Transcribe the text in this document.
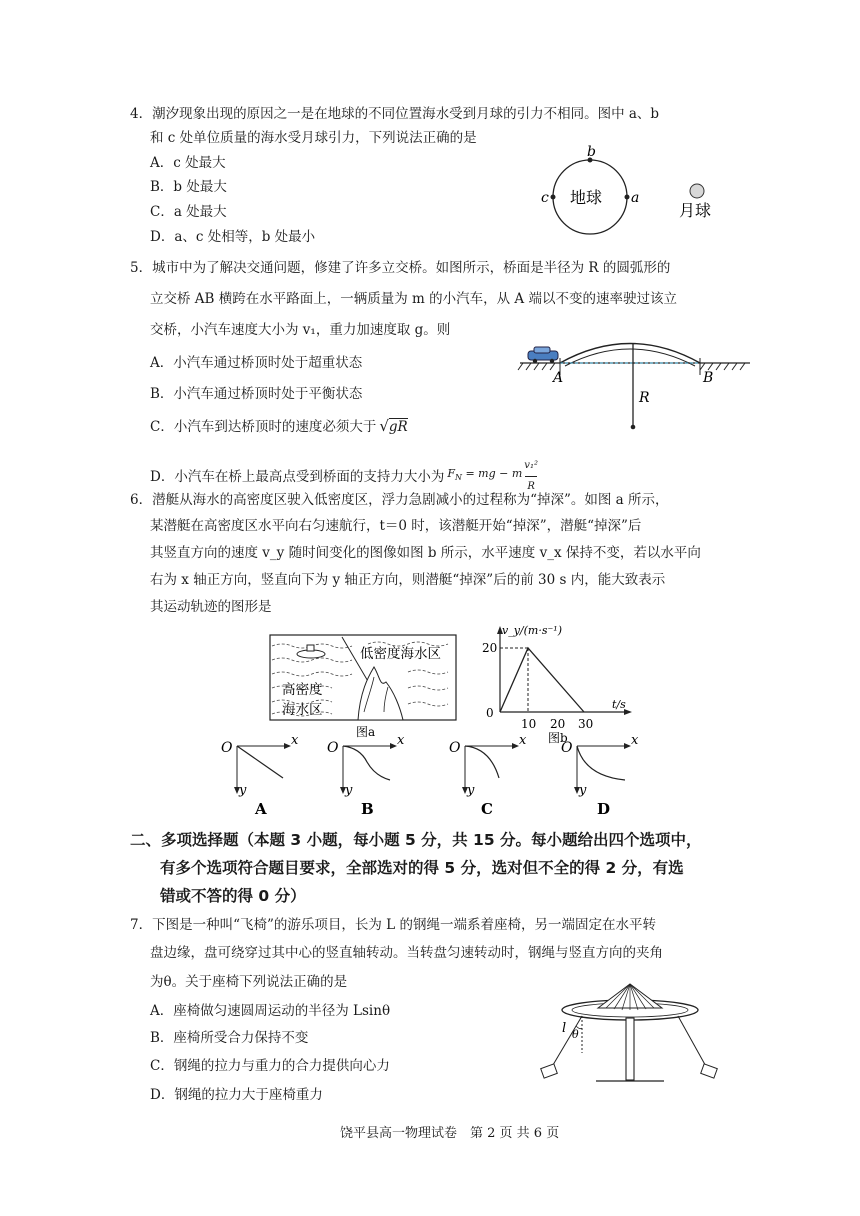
4．潮汐现象出现的原因之一是在地球的不同位置海水受到月球的引力不相同。图中 a、b
和 c 处单位质量的海水受月球引力，下列说法正确的是
A．c 处最大
B．b 处最大
C．a 处最大
D．a、c 处相等，b 处最小
b
c	a
地球
月球
5．城市中为了解决交通问题，修建了许多立交桥。如图所示，桥面是半径为 R 的圆弧形的
立交桥 AB 横跨在水平路面上，一辆质量为 m 的小汽车，从 A 端以不变的速率驶过该立
交桥，小汽车速度大小为 v₁，重力加速度取 g。则
A．小汽车通过桥顶时处于超重状态
B．小汽车通过桥顶时处于平衡状态
C．小汽车到达桥顶时的速度必须大于 √gR
D．小汽车在桥上最高点受到桥面的支持力大小为 $F_N$ = mg − m
v₁²
R
A	B
R
6．潜艇从海水的高密度区驶入低密度区，浮力急剧减小的过程称为“掉深”。如图 a 所示，
某潜艇在高密度区水平向右匀速航行，t＝0 时，该潜艇开始“掉深”，潜艇“掉深”后
其竖直方向的速度 v_y 随时间变化的图像如图 b 所示，水平速度 v_x 保持不变，若以水平向
右为 x 轴正方向，竖直向下为 y 轴正方向，则潜艇“掉深”后的前 30 s 内，能大致表示
其运动轨迹的图形是
低密度海水区
高密度
海水区
图a
v_y/(m·s⁻¹)
20
0
10 20 30
t/s
图b
O	x
y
A
O	x
y
B
O	x
y
C
O	x
y
D
二、多项选择题（本题 3 小题，每小题 5 分，共 15 分。每小题给出四个选项中，
有多个选项符合题目要求，全部选对的得 5 分，选对但不全的得 2 分，有选
错或不答的得 0 分）
7．下图是一种叫“飞椅”的游乐项目，长为 L 的钢绳一端系着座椅，另一端固定在水平转
盘边缘，盘可绕穿过其中心的竖直轴转动。当转盘匀速转动时，钢绳与竖直方向的夹角
为θ。关于座椅下列说法正确的是
A．座椅做匀速圆周运动的半径为 Lsinθ
B．座椅所受合力保持不变
C．钢绳的拉力与重力的合力提供向心力
D．钢绳的拉力大于座椅重力
l θ
饶平县高一物理试卷　第 2 页 共 6 页
